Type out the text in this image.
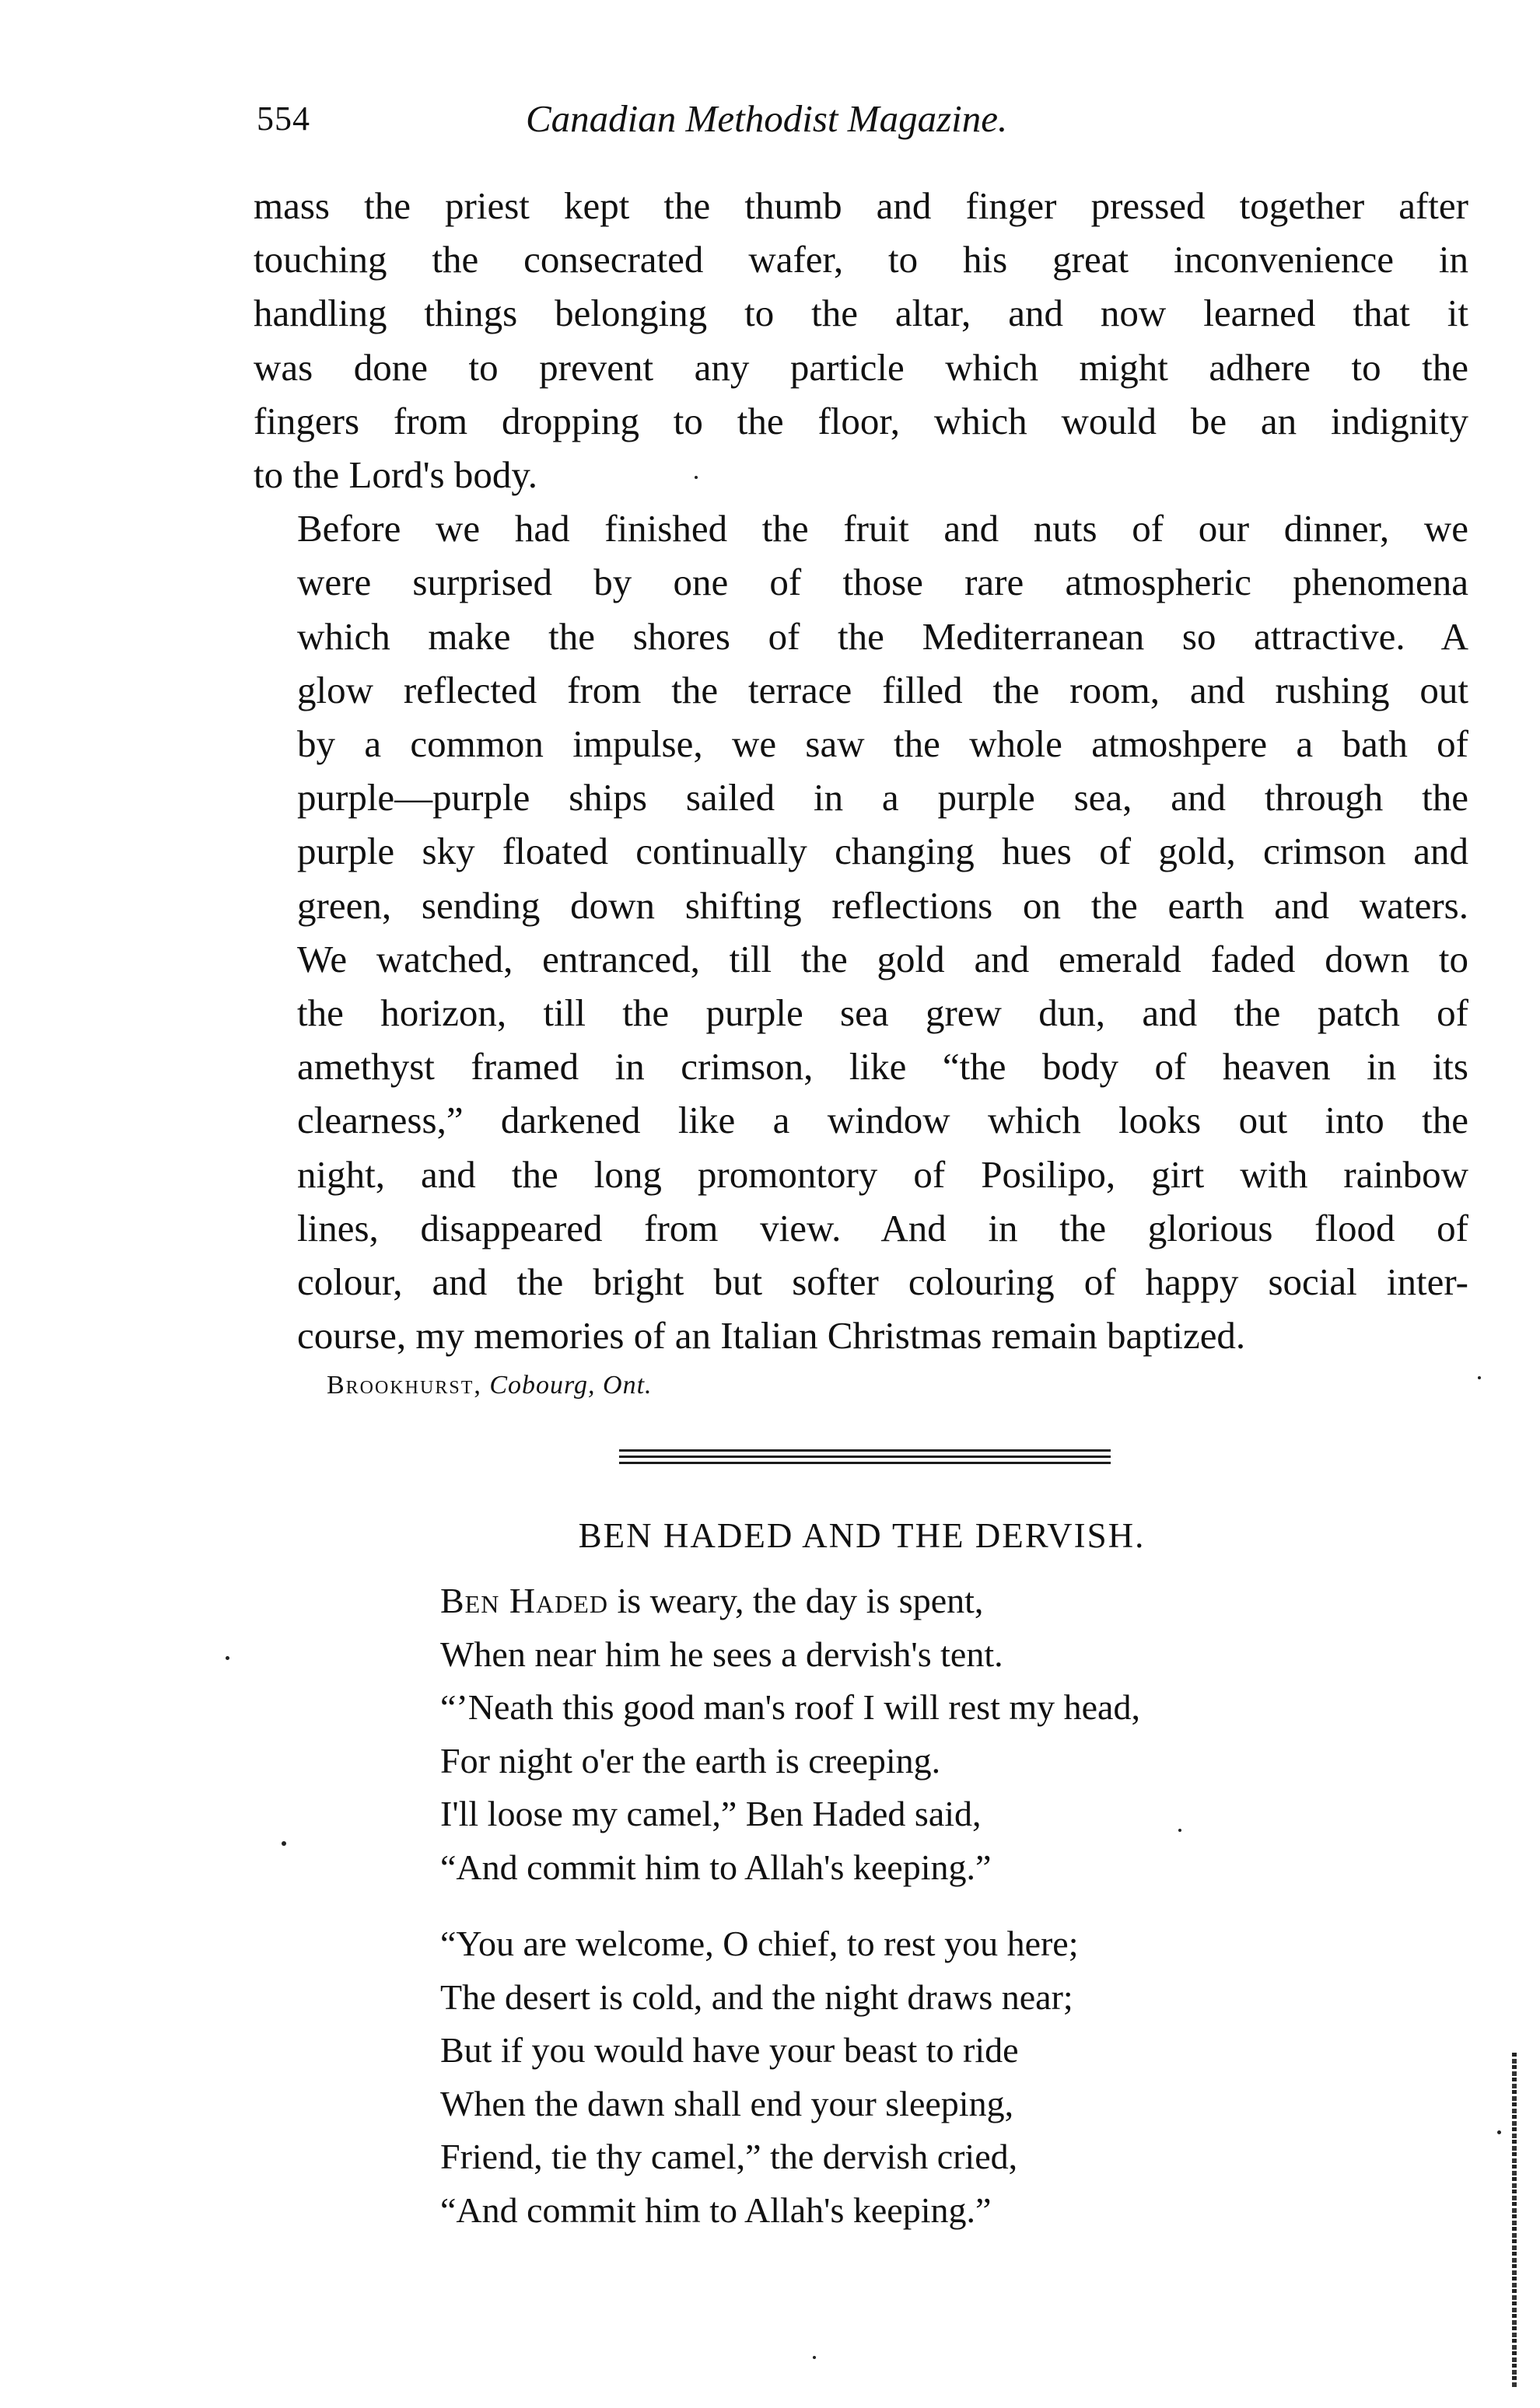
554	Canadian Methodist Magazine.

mass the priest kept the thumb and finger pressed together after
touching the consecrated wafer, to his great inconvenience in
handling things belonging to the altar, and now learned that it
was done to prevent any particle which might adhere to the
fingers from dropping to the floor, which would be an indignity
to the Lord's body.

Before we had finished the fruit and nuts of our dinner, we
were surprised by one of those rare atmospheric phenomena
which make the shores of the Mediterranean so attractive. A
glow reflected from the terrace filled the room, and rushing out
by a common impulse, we saw the whole atmoshpere a bath of
purple—purple ships sailed in a purple sea, and through the
purple sky floated continually changing hues of gold, crimson and
green, sending down shifting reflections on the earth and waters.
We watched, entranced, till the gold and emerald faded down to
the horizon, till the purple sea grew dun, and the patch of
amethyst framed in crimson, like “the body of heaven in its
clearness,” darkened like a window which looks out into the
night, and the long promontory of Posilipo, girt with rainbow
lines, disappeared from view. And in the glorious flood of
colour, and the bright but softer colouring of happy social inter-
course, my memories of an Italian Christmas remain baptized.

Brookhurst, Cobourg, Ont.
BEN HADED AND THE DERVISH.
Ben Haded is weary, the day is spent,
When near him he sees a dervish's tent.
“’Neath this good man's roof I will rest my head,
For night o'er the earth is creeping.
I'll loose my camel,” Ben Haded said,
“And commit him to Allah's keeping.”
“You are welcome, O chief, to rest you here;
The desert is cold, and the night draws near;
But if you would have your beast to ride
When the dawn shall end your sleeping,
Friend, tie thy camel,” the dervish cried,
“And commit him to Allah's keeping.”
